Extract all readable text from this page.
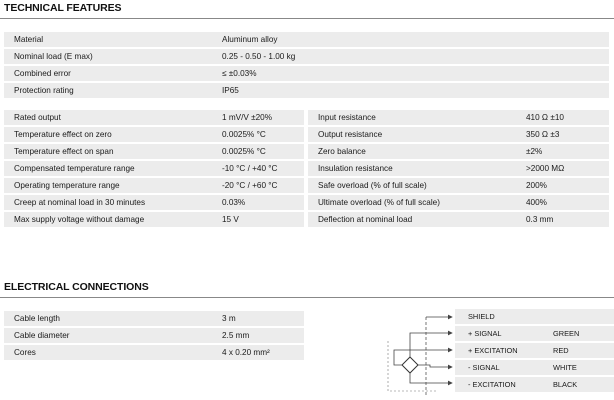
TECHNICAL FEATURES
Material	Aluminum alloy
Nominal load (E max)	0.25 - 0.50 - 1.00 kg
Combined error	≤ ±0.03%
Protection rating	IP65
Rated output	1 mV/V ±20%
Temperature effect on zero	0.0025% °C
Temperature effect on span	0.0025% °C
Compensated temperature range	-10 °C / +40 °C
Operating temperature range	-20 °C / +60 °C
Creep at nominal load in 30 minutes	0.03%
Max supply voltage without damage	15 V
Input resistance	410 Ω ±10
Output resistance	350 Ω ±3
Zero balance	±2%
Insulation resistance	>2000 MΩ
Safe overload (% of full scale)	200%
Ultimate overload (% of full scale)	400%
Deflection at nominal load	0.3 mm
ELECTRICAL CONNECTIONS
Cable length	3 m
Cable diameter	2.5 mm
Cores	4 x 0.20 mm²
SHIELD
+ SIGNAL	GREEN
+ EXCITATION	RED
- SIGNAL	WHITE
- EXCITATION	BLACK
